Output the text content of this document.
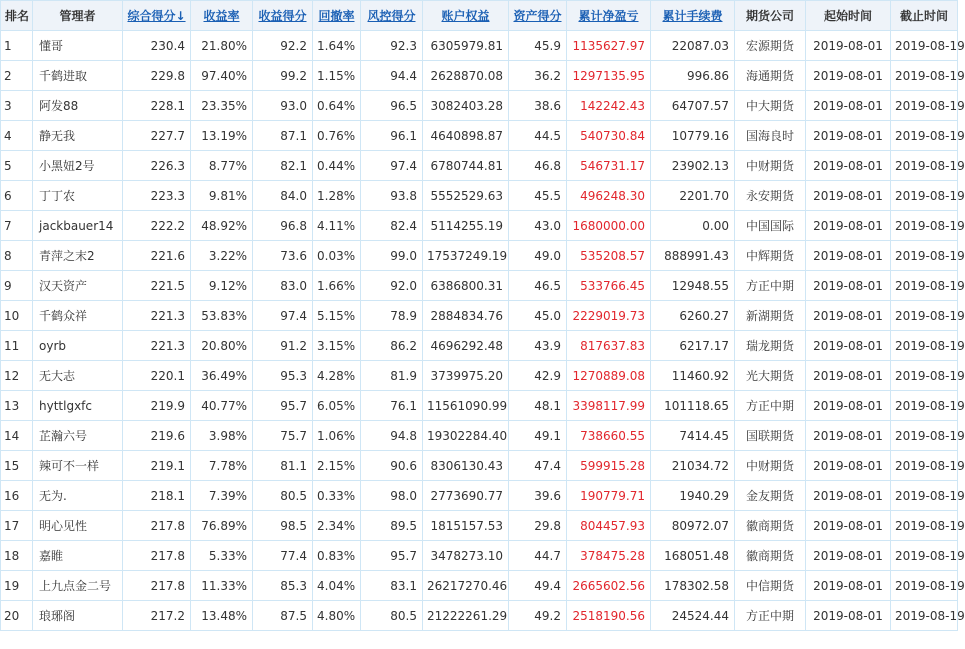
排名	管理者	综合得分↓	收益率	收益得分	回撤率	风控得分	账户权益	资产得分	累计净盈亏	累计手续费	期货公司	起始时间	截止时间
1	懂哥	230.4	21.80%	92.2	1.64%	92.3	6305979.81	45.9	1135627.97	22087.03	宏源期货	2019-08-01	2019-08-19
2	千鹤进取	229.8	97.40%	99.2	1.15%	94.4	2628870.08	36.2	1297135.95	996.86	海通期货	2019-08-01	2019-08-19
3	阿发88	228.1	23.35%	93.0	0.64%	96.5	3082403.28	38.6	142242.43	64707.57	中大期货	2019-08-01	2019-08-19
4	静无我	227.7	13.19%	87.1	0.76%	96.1	4640898.87	44.5	540730.84	10779.16	国海良时	2019-08-01	2019-08-19
5	小黑妞2号	226.3	8.77%	82.1	0.44%	97.4	6780744.81	46.8	546731.17	23902.13	中财期货	2019-08-01	2019-08-19
6	丁丁农	223.3	9.81%	84.0	1.28%	93.8	5552529.63	45.5	496248.30	2201.70	永安期货	2019-08-01	2019-08-19
7	jackbauer14	222.2	48.92%	96.8	4.11%	82.4	5114255.19	43.0	1680000.00	0.00	中国国际	2019-08-01	2019-08-19
8	青萍之末2	221.6	3.22%	73.6	0.03%	99.0	17537249.19	49.0	535208.57	888991.43	中辉期货	2019-08-01	2019-08-19
9	汉天资产	221.5	9.12%	83.0	1.66%	92.0	6386800.31	46.5	533766.45	12948.55	方正中期	2019-08-01	2019-08-19
10	千鹤众祥	221.3	53.83%	97.4	5.15%	78.9	2884834.76	45.0	2229019.73	6260.27	新湖期货	2019-08-01	2019-08-19
11	oyrb	221.3	20.80%	91.2	3.15%	86.2	4696292.48	43.9	817637.83	6217.17	瑞龙期货	2019-08-01	2019-08-19
12	无大志	220.1	36.49%	95.3	4.28%	81.9	3739975.20	42.9	1270889.08	11460.92	光大期货	2019-08-01	2019-08-19
13	hyttlgxfc	219.9	40.77%	95.7	6.05%	76.1	11561090.99	48.1	3398117.99	101118.65	方正中期	2019-08-01	2019-08-19
14	芷瀚六号	219.6	3.98%	75.7	1.06%	94.8	19302284.40	49.1	738660.55	7414.45	国联期货	2019-08-01	2019-08-19
15	辣可不一样	219.1	7.78%	81.1	2.15%	90.6	8306130.43	47.4	599915.28	21034.72	中财期货	2019-08-01	2019-08-19
16	无为.	218.1	7.39%	80.5	0.33%	98.0	2773690.77	39.6	190779.71	1940.29	金友期货	2019-08-01	2019-08-19
17	明心见性	217.8	76.89%	98.5	2.34%	89.5	1815157.53	29.8	804457.93	80972.07	徽商期货	2019-08-01	2019-08-19
18	嘉睢	217.8	5.33%	77.4	0.83%	95.7	3478273.10	44.7	378475.28	168051.48	徽商期货	2019-08-01	2019-08-19
19	上九点金二号	217.8	11.33%	85.3	4.04%	83.1	26217270.46	49.4	2665602.56	178302.58	中信期货	2019-08-01	2019-08-19
20	琅琊阁	217.2	13.48%	87.5	4.80%	80.5	21222261.29	49.2	2518190.56	24524.44	方正中期	2019-08-01	2019-08-19
